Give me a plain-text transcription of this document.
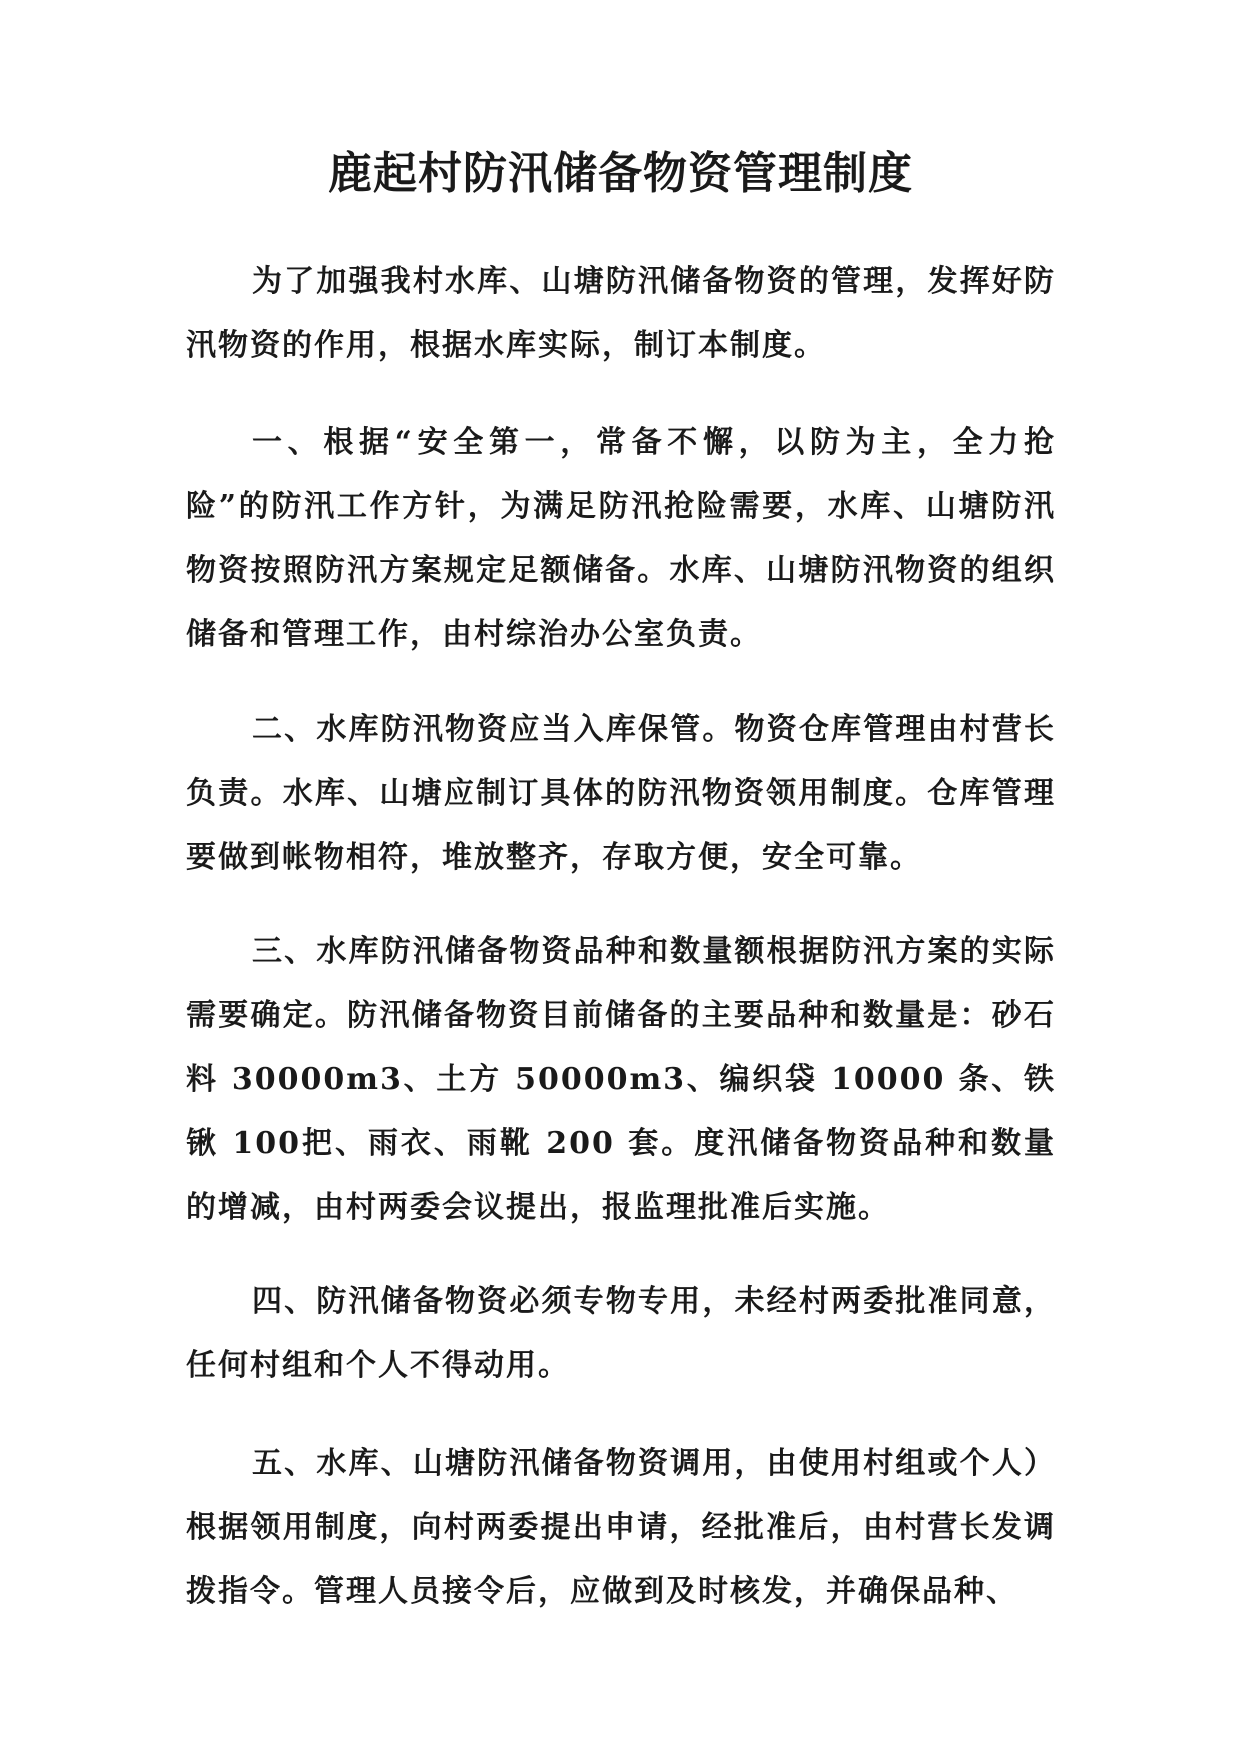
鹿起村防汛储备物资管理制度

为了加强我村水库、山塘防汛储备物资的管理，发挥好防汛物资的作用，根据水库实际，制订本制度。

一、根据“安全第一，常备不懈，以防为主，全力抢险”的防汛工作方针，为满足防汛抢险需要，水库、山塘防汛物资按照防汛方案规定足额储备。水库、山塘防汛物资的组织储备和管理工作，由村综治办公室负责。

二、水库防汛物资应当入库保管。物资仓库管理由村营长负责。水库、山塘应制订具体的防汛物资领用制度。仓库管理要做到帐物相符，堆放整齐，存取方便，安全可靠。

三、水库防汛储备物资品种和数量额根据防汛方案的实际需要确定。防汛储备物资目前储备的主要品种和数量是：砂石料 30000m3、土方 50000m3、编织袋 10000 条、铁锹 100把、雨衣、雨靴 200 套。度汛储备物资品种和数量的增减，由村两委会议提出，报监理批准后实施。

四、防汛储备物资必须专物专用，未经村两委批准同意，任何村组和个人不得动用。

五、水库、山塘防汛储备物资调用，由使用村组或个人）根据领用制度，向村两委提出申请，经批准后，由村营长发调拨指令。管理人员接令后，应做到及时核发，并确保品种、
